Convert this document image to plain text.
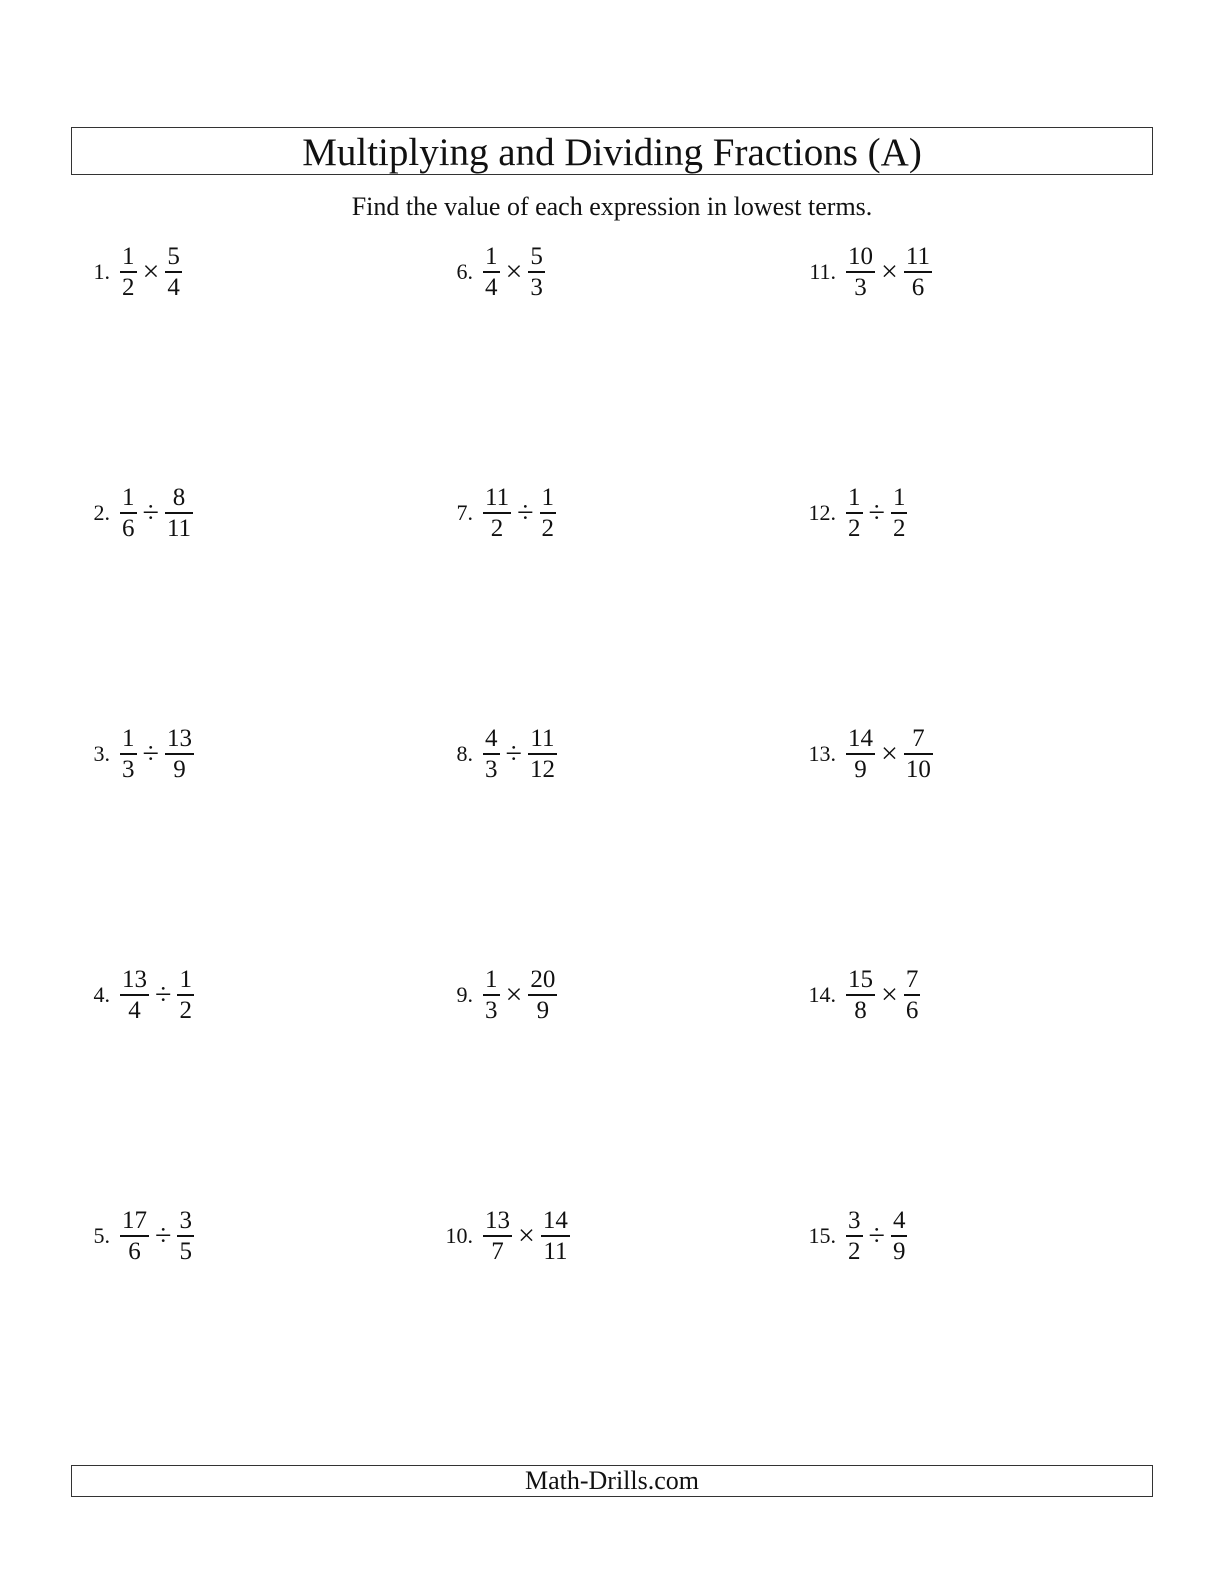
Multiplying and Dividing Fractions (A)
Find the value of each expression in lowest terms.
1. $\frac{1}{2} \times \frac{5}{4}$
2. $\frac{1}{6} \div \frac{8}{11}$
3. $\frac{1}{3} \div \frac{13}{9}$
4. $\frac{13}{4} \div \frac{1}{2}$
5. $\frac{17}{6} \div \frac{3}{5}$
6. $\frac{1}{4} \times \frac{5}{3}$
7. $\frac{11}{2} \div \frac{1}{2}$
8. $\frac{4}{3} \div \frac{11}{12}$
9. $\frac{1}{3} \times \frac{20}{9}$
10. $\frac{13}{7} \times \frac{14}{11}$
11. $\frac{10}{3} \times \frac{11}{6}$
12. $\frac{1}{2} \div \frac{1}{2}$
13. $\frac{14}{9} \times \frac{7}{10}$
14. $\frac{15}{8} \times \frac{7}{6}$
15. $\frac{3}{2} \div \frac{4}{9}$
Math-Drills.com
